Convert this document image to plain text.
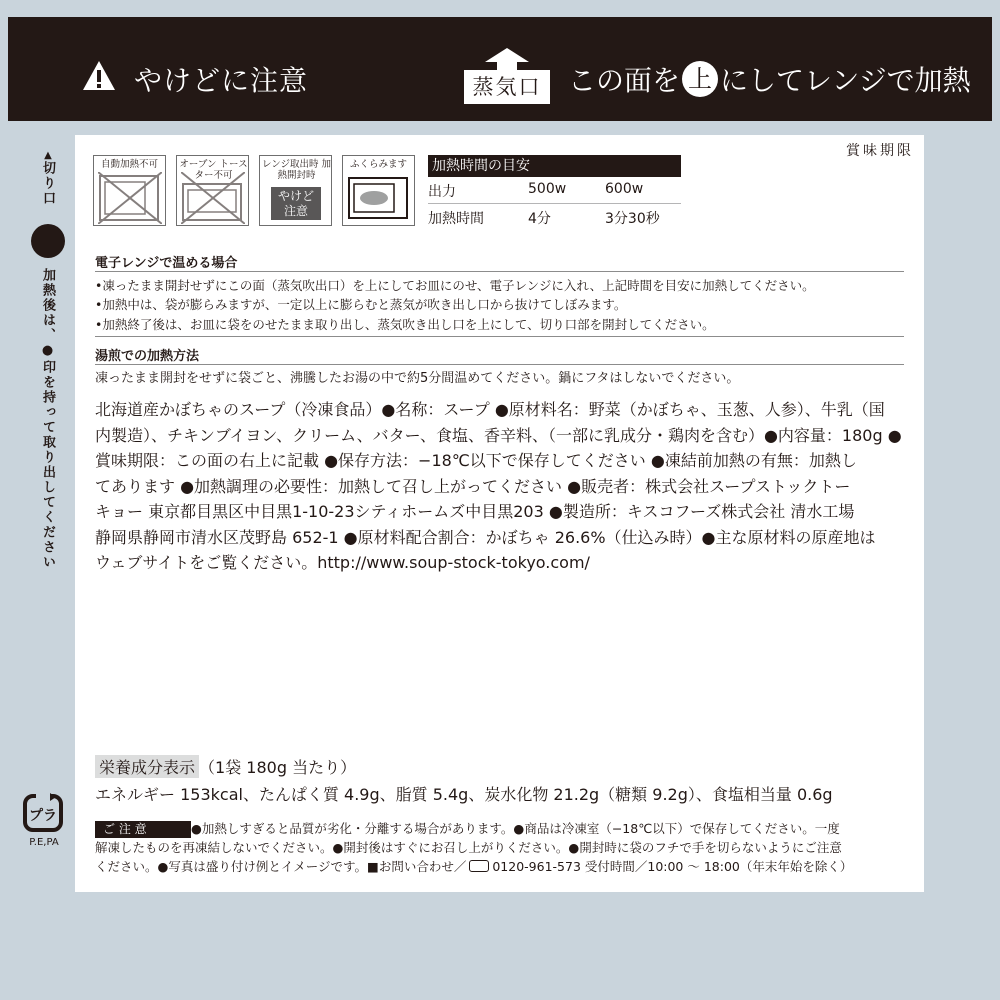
やけどに注意	蒸気口 この面を 上 にしてレンジで加熱
▲
切り口
加熱後は、●印を持って取り出してください
プラ
P.E,PA
賞味期限
自動加熱不可	オーブン トースター不可
レンジ取出時 加熱開封時
やけど 注意
ふくらみます	加熱時間の目安
出力	500w	600w
加熱時間	4分	3分30秒
電子レンジで温める場合
•凍ったまま開封せずにこの面（蒸気吹出口）を上にしてお皿にのせ、電子レンジに入れ、上記時間を目安に加熱してください。
•加熱中は、袋が膨らみますが、一定以上に膨らむと蒸気が吹き出し口から抜けてしぼみます。
•加熱終了後は、お皿に袋をのせたまま取り出し、蒸気吹き出し口を上にして、切り口部を開封してください。
湯煎での加熱方法
凍ったまま開封をせずに袋ごと、沸騰したお湯の中で約5分間温めてください。鍋にフタはしないでください。
北海道産かぼちゃのスープ（冷凍食品）●名称：スープ ●原材料名：野菜（かぼちゃ、玉葱、人参）、牛乳（国
内製造）、チキンブイヨン、クリーム、バター、食塩、香辛料、（一部に乳成分・鶏肉を含む）●内容量：180g ●
賞味期限：この面の右上に記載 ●保存方法：−18℃以下で保存してください ●凍結前加熱の有無：加熱し
てあります ●加熱調理の必要性：加熱して召し上がってください ●販売者：株式会社スープストックトー
キョー 東京都目黒区中目黒1-10-23シティホームズ中目黒203 ●製造所：キスコフーズ株式会社 清水工場
静岡県静岡市清水区茂野島 652-1 ●原材料配合割合：かぼちゃ 26.6%（仕込み時）●主な原材料の原産地は
ウェブサイトをご覧ください。http://www.soup-stock-tokyo.com/
栄養成分表示 （1袋 180g 当たり）
エネルギー 153kcal、たんぱく質 4.9g、脂質 5.4g、炭水化物 21.2g（糖類 9.2g）、食塩相当量 0.6g
ご 注 意	●加熱しすぎると品質が劣化・分離する場合があります。●商品は冷凍室（−18℃以下）で保存してください。一度
解凍したものを再凍結しないでください。●開封後はすぐにお召し上がりください。●開封時に袋のフチで手を切らないようにご注意
ください。●写真は盛り付け例とイメージです。■お問い合わせ／ 0120-961-573 受付時間／10:00 〜 18:00（年末年始を除く）
